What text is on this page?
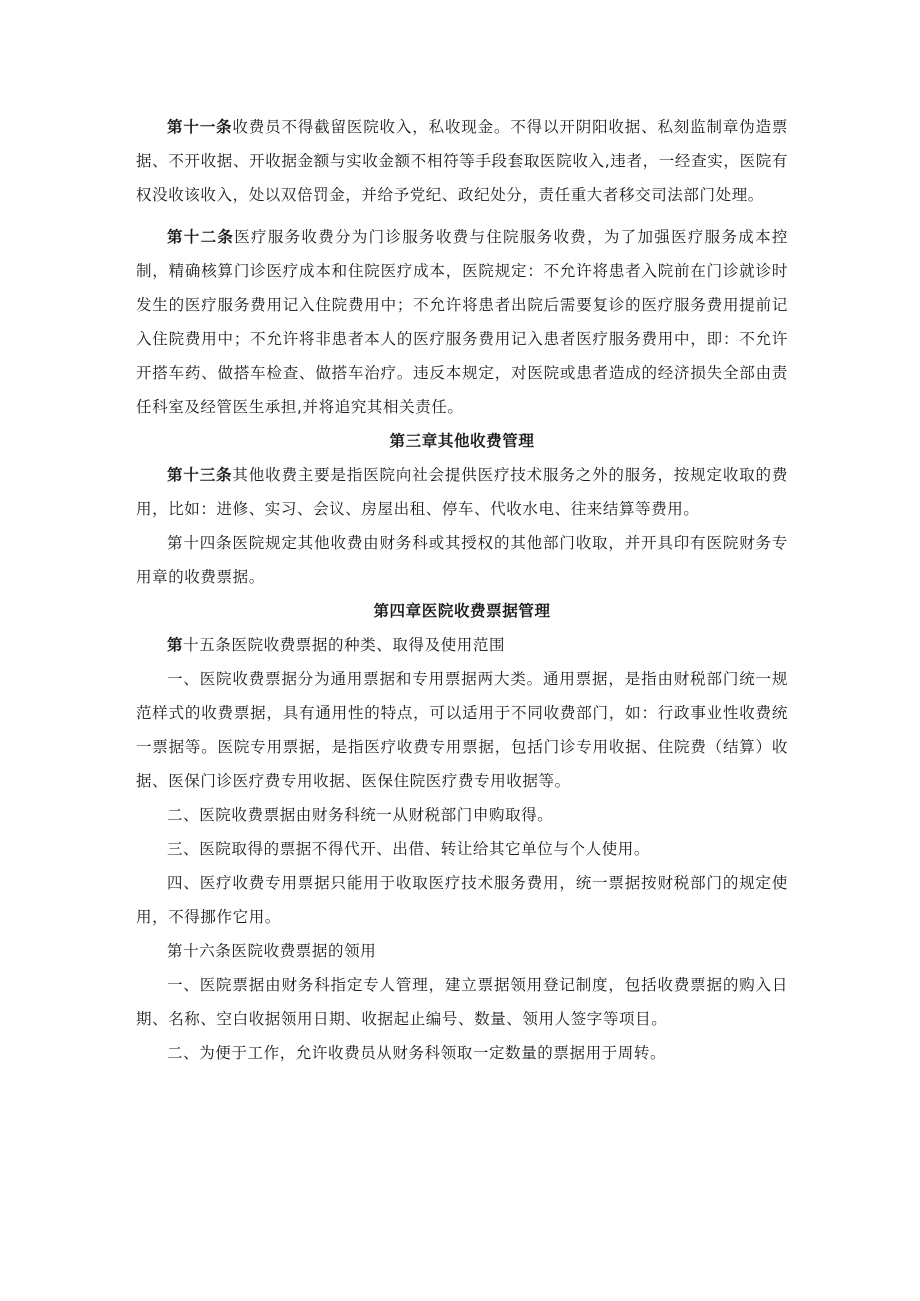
第十一条收费员不得截留医院收入，私收现金。不得以开阴阳收据、私刻监制章伪造票据、不开收据、开收据金额与实收金额不相符等手段套取医院收入,违者，一经查实，医院有权没收该收入，处以双倍罚金，并给予党纪、政纪处分，责任重大者移交司法部门处理。

第十二条医疗服务收费分为门诊服务收费与住院服务收费，为了加强医疗服务成本控制，精确核算门诊医疗成本和住院医疗成本，医院规定：不允许将患者入院前在门诊就诊时发生的医疗服务费用记入住院费用中；不允许将患者出院后需要复诊的医疗服务费用提前记入住院费用中；不允许将非患者本人的医疗服务费用记入患者医疗服务费用中，即：不允许开搭车药、做搭车检查、做搭车治疗。违反本规定，对医院或患者造成的经济损失全部由责任科室及经管医生承担,并将追究其相关责任。

第三章其他收费管理

第十三条其他收费主要是指医院向社会提供医疗技术服务之外的服务，按规定收取的费用，比如：进修、实习、会议、房屋出租、停车、代收水电、往来结算等费用。

第十四条医院规定其他收费由财务科或其授权的其他部门收取，并开具印有医院财务专用章的收费票据。

第四章医院收费票据管理

第十五条医院收费票据的种类、取得及使用范围

一、医院收费票据分为通用票据和专用票据两大类。通用票据，是指由财税部门统一规范样式的收费票据，具有通用性的特点，可以适用于不同收费部门，如：行政事业性收费统一票据等。医院专用票据，是指医疗收费专用票据，包括门诊专用收据、住院费（结算）收据、医保门诊医疗费专用收据、医保住院医疗费专用收据等。

二、医院收费票据由财务科统一从财税部门申购取得。

三、医院取得的票据不得代开、出借、转让给其它单位与个人使用。

四、医疗收费专用票据只能用于收取医疗技术服务费用，统一票据按财税部门的规定使用，不得挪作它用。

第十六条医院收费票据的领用

一、医院票据由财务科指定专人管理，建立票据领用登记制度，包括收费票据的购入日期、名称、空白收据领用日期、收据起止编号、数量、领用人签字等项目。

二、为便于工作，允许收费员从财务科领取一定数量的票据用于周转。
